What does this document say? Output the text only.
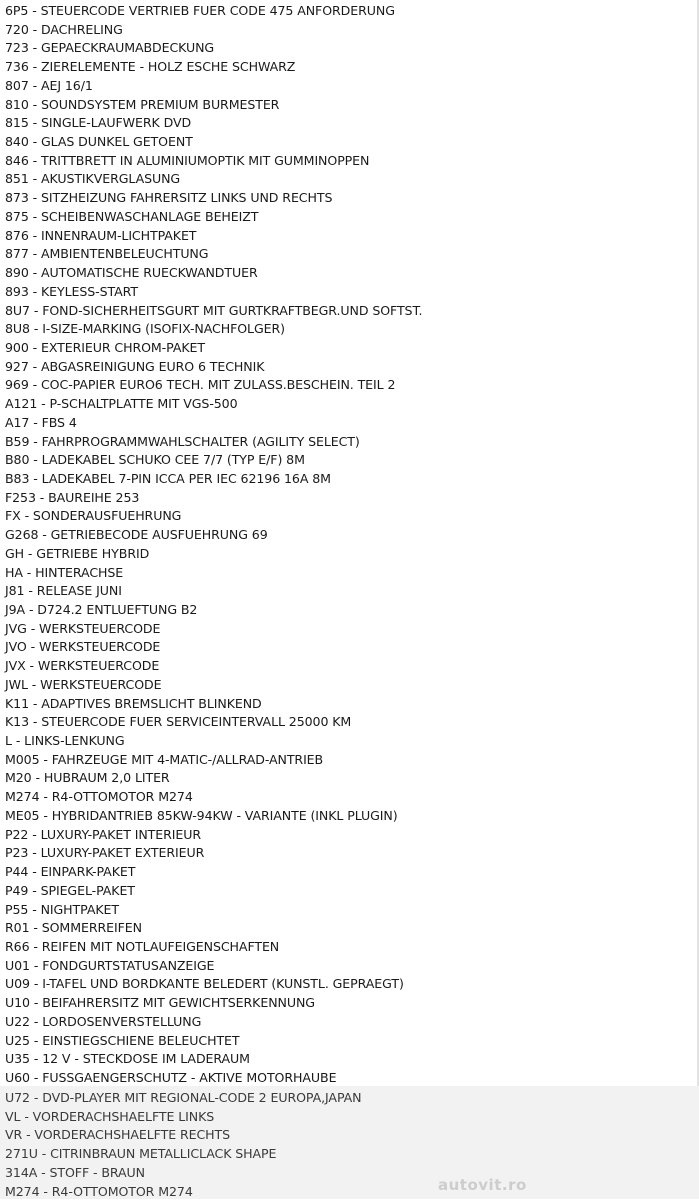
6P5 - STEUERCODE VERTRIEB FUER CODE 475 ANFORDERUNG
720 - DACHRELING
723 - GEPAECKRAUMABDECKUNG
736 - ZIERELEMENTE - HOLZ ESCHE SCHWARZ
807 - AEJ 16/1
810 - SOUNDSYSTEM PREMIUM BURMESTER
815 - SINGLE-LAUFWERK DVD
840 - GLAS DUNKEL GETOENT
846 - TRITTBRETT IN ALUMINIUMOPTIK MIT GUMMINOPPEN
851 - AKUSTIKVERGLASUNG
873 - SITZHEIZUNG FAHRERSITZ LINKS UND RECHTS
875 - SCHEIBENWASCHANLAGE BEHEIZT
876 - INNENRAUM-LICHTPAKET
877 - AMBIENTENBELEUCHTUNG
890 - AUTOMATISCHE RUECKWANDTUER
893 - KEYLESS-START
8U7 - FOND-SICHERHEITSGURT MIT GURTKRAFTBEGR.UND SOFTST.
8U8 - I-SIZE-MARKING (ISOFIX-NACHFOLGER)
900 - EXTERIEUR CHROM-PAKET
927 - ABGASREINIGUNG EURO 6 TECHNIK
969 - COC-PAPIER EURO6 TECH. MIT ZULASS.BESCHEIN. TEIL 2
A121 - P-SCHALTPLATTE MIT VGS-500
A17 - FBS 4
B59 - FAHRPROGRAMMWAHLSCHALTER (AGILITY SELECT)
B80 - LADEKABEL SCHUKO CEE 7/7 (TYP E/F) 8M
B83 - LADEKABEL 7-PIN ICCA PER IEC 62196 16A 8M
F253 - BAUREIHE 253
FX - SONDERAUSFUEHRUNG
G268 - GETRIEBECODE AUSFUEHRUNG 69
GH - GETRIEBE HYBRID
HA - HINTERACHSE
J81 - RELEASE JUNI
J9A - D724.2 ENTLUEFTUNG B2
JVG - WERKSTEUERCODE
JVO - WERKSTEUERCODE
JVX - WERKSTEUERCODE
JWL - WERKSTEUERCODE
K11 - ADAPTIVES BREMSLICHT BLINKEND
K13 - STEUERCODE FUER SERVICEINTERVALL 25000 KM
L - LINKS-LENKUNG
M005 - FAHRZEUGE MIT 4-MATIC-/ALLRAD-ANTRIEB
M20 - HUBRAUM 2,0 LITER
M274 - R4-OTTOMOTOR M274
ME05 - HYBRIDANTRIEB 85KW-94KW - VARIANTE (INKL PLUGIN)
P22 - LUXURY-PAKET INTERIEUR
P23 - LUXURY-PAKET EXTERIEUR
P44 - EINPARK-PAKET
P49 - SPIEGEL-PAKET
P55 - NIGHTPAKET
R01 - SOMMERREIFEN
R66 - REIFEN MIT NOTLAUFEIGENSCHAFTEN
U01 - FONDGURTSTATUSANZEIGE
U09 - I-TAFEL UND BORDKANTE BELEDERT (KUNSTL. GEPRAEGT)
U10 - BEIFAHRERSITZ MIT GEWICHTSERKENNUNG
U22 - LORDOSENVERSTELLUNG
U25 - EINSTIEGSCHIENE BELEUCHTET
U35 - 12 V - STECKDOSE IM LADERAUM
U60 - FUSSGAENGERSCHUTZ - AKTIVE MOTORHAUBE
U72 - DVD-PLAYER MIT REGIONAL-CODE 2 EUROPA,JAPAN
VL - VORDERACHSHAELFTE LINKS
VR - VORDERACHSHAELFTE RECHTS
271U - CITRINBRAUN METALLICLACK SHAPE
314A - STOFF - BRAUN
M274 - R4-OTTOMOTOR M274	autovit.ro
